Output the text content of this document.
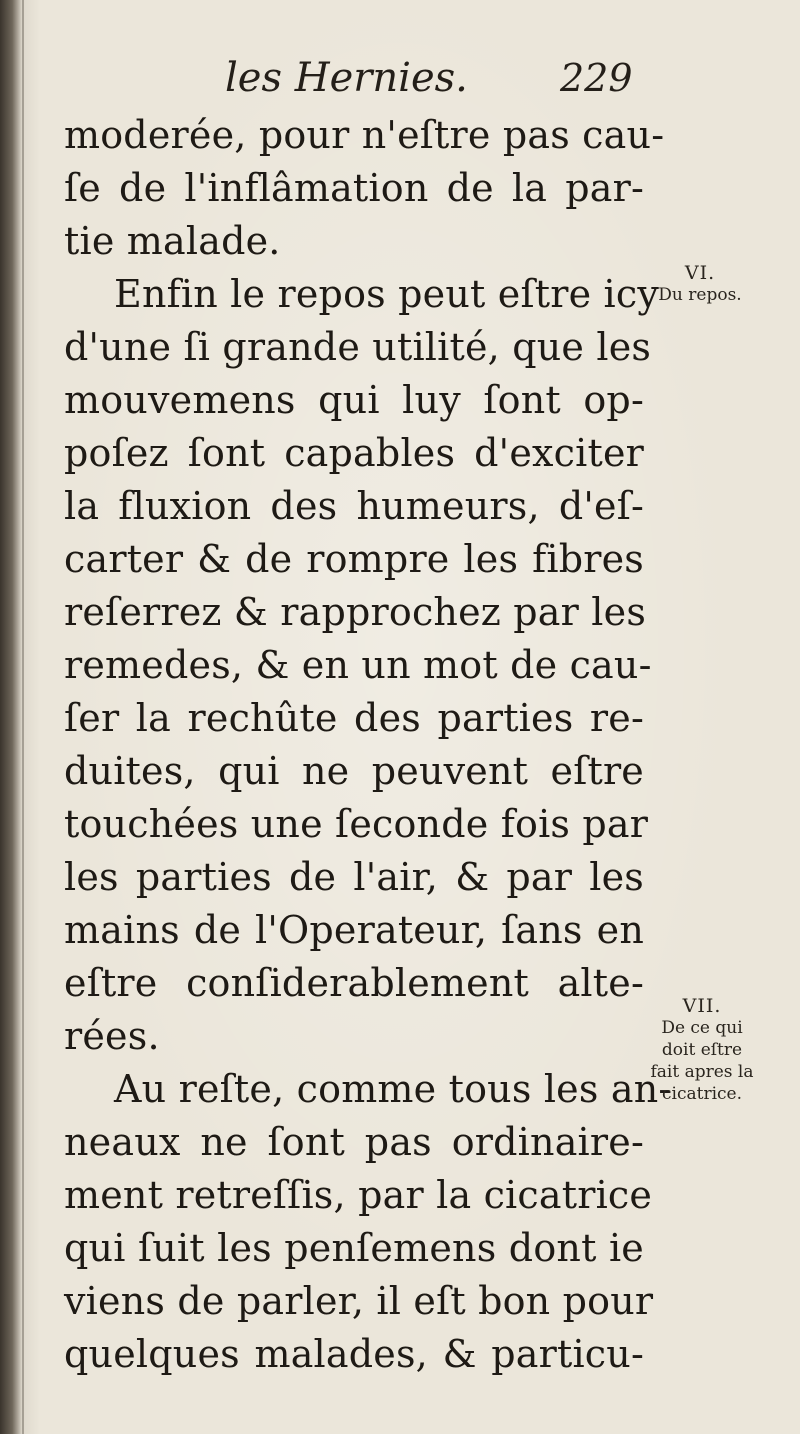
les Hernies. 229
moderée, pour n'eſtre pas cau-
ſe de l'inflâmation de la par-
tie malade.
Enfin le repos peut eſtre icy
d'une ſi grande utilité, que les
mouvemens qui luy ſont op-
poſez ſont capables d'exciter
la fluxion des humeurs, d'eſ-
carter & de rompre les fibres
reſerrez & rapprochez par les
remedes, & en un mot de cau-
ſer la rechûte des parties re-
duites, qui ne peuvent eſtre
touchées une ſeconde fois par
les parties de l'air, & par les
mains de l'Operateur, ſans en
eſtre conſiderablement alte-
rées.
Au reſte, comme tous les an-
neaux ne ſont pas ordinaire-
ment retreſſis, par la cicatrice
qui ſuit les penſemens dont ie
viens de parler, il eſt bon pour
quelques malades, & particu-
VI.
Du repos.
VII.
De ce qui
doit eſtre
fait apres la
cicatrice.
